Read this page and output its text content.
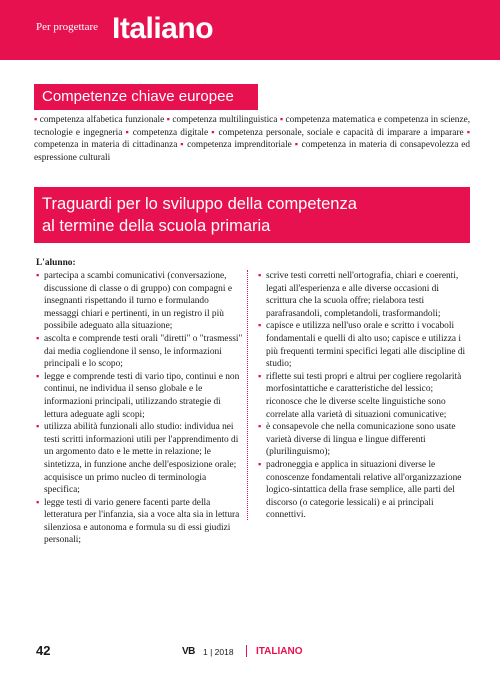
Per progettare Italiano
Competenze chiave europee
▪ competenza alfabetica funzionale ▪ competenza multilinguistica ▪ competenza matematica e competenza in scienze, tecnologie e ingegneria ▪ competenza digitale ▪ competenza personale, sociale e capacità di imparare a imparare ▪ competenza in materia di cittadinanza ▪ competenza imprenditoriale ▪ competenza in materia di consapevolezza ed espressione culturali
Traguardi per lo sviluppo della competenza
al termine della scuola primaria
L'alunno:
▪ partecipa a scambi comunicativi (conversazione, discussione di classe o di gruppo) con compagni e insegnanti rispettando il turno e formulando messaggi chiari e pertinenti, in un registro il più possibile adeguato alla situazione;
▪ ascolta e comprende testi orali "diretti" o "trasmessi" dai media cogliendone il senso, le informazioni principali e lo scopo;
▪ legge e comprende testi di vario tipo, continui e non continui, ne individua il senso globale e le informazioni principali, utilizzando strategie di lettura adeguate agli scopi;
▪ utilizza abilità funzionali allo studio: individua nei testi scritti informazioni utili per l'apprendimento di un argomento dato e le mette in relazione; le sintetizza, in funzione anche dell'esposizione orale; acquisisce un primo nucleo di terminologia specifica;
▪ legge testi di vario genere facenti parte della letteratura per l'infanzia, sia a voce alta sia in lettura silenziosa e autonoma e formula su di essi giudizi personali;
▪ scrive testi corretti nell'ortografia, chiari e coerenti, legati all'esperienza e alle diverse occasioni di scrittura che la scuola offre; rielabora testi parafrasandoli, completandoli, trasformandoli;
▪ capisce e utilizza nell'uso orale e scritto i vocaboli fondamentali e quelli di alto uso; capisce e utilizza i più frequenti termini specifici legati alle discipline di studio;
▪ riflette sui testi propri e altrui per cogliere regolarità morfosintattiche e caratteristiche del lessico; riconosce che le diverse scelte linguistiche sono correlate alla varietà di situazioni comunicative;
▪ è consapevole che nella comunicazione sono usate varietà diverse di lingua e lingue differenti (plurilinguismo);
▪ padroneggia e applica in situazioni diverse le conoscenze fondamentali relative all'organizzazione logico-sintattica della frase semplice, alle parti del discorso (o categorie lessicali) e ai principali connettivi.
42	VB 1 | 2018 ITALIANO
